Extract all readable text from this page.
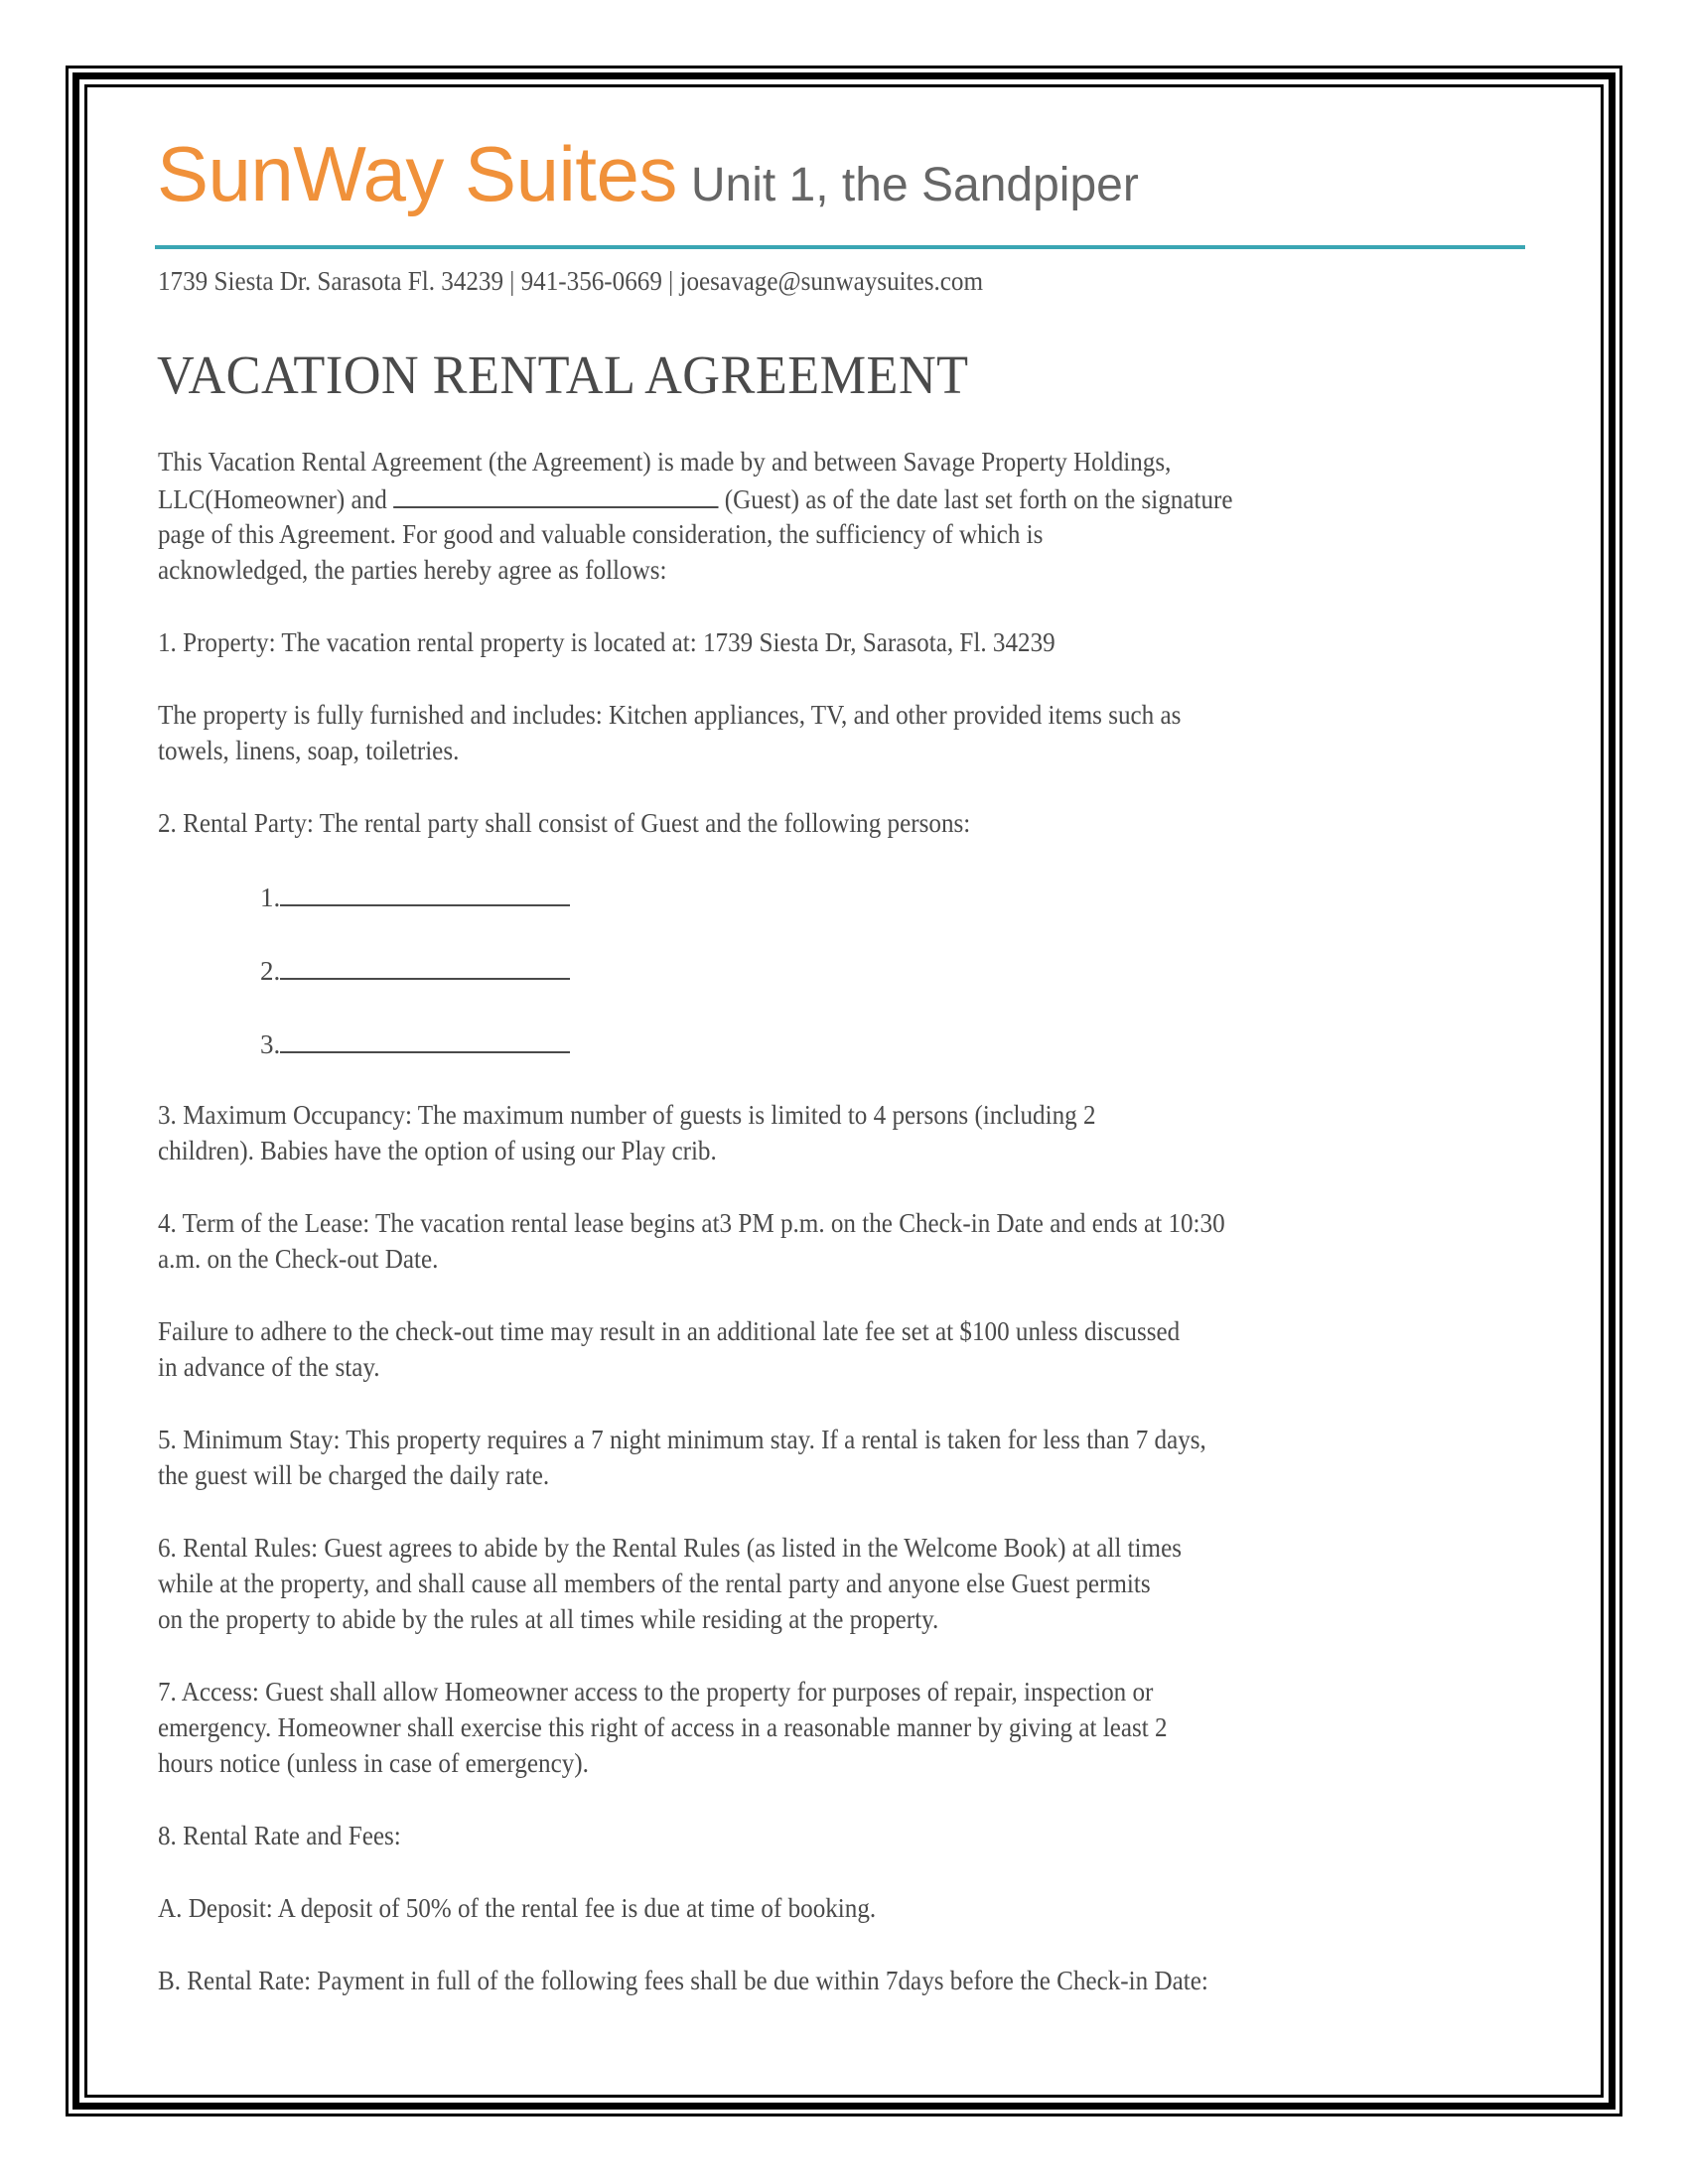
SunWay Suites Unit 1, the Sandpiper
1739 Siesta Dr. Sarasota Fl. 34239 | 941-356-0669 | joesavage@sunwaysuites.com
VACATION RENTAL AGREEMENT
This Vacation Rental Agreement (the Agreement) is made by and between Savage Property Holdings,
LLC(Homeowner) and	(Guest) as of the date last set forth on the signature
page of this Agreement. For good and valuable consideration, the sufficiency of which is
acknowledged, the parties hereby agree as follows:
1. Property: The vacation rental property is located at: 1739 Siesta Dr, Sarasota, Fl. 34239
The property is fully furnished and includes: Kitchen appliances, TV, and other provided items such as
towels, linens, soap, toiletries.
2. Rental Party: The rental party shall consist of Guest and the following persons:
1.
2.
3.
3. Maximum Occupancy: The maximum number of guests is limited to 4 persons (including 2
children). Babies have the option of using our Play crib.
4. Term of the Lease: The vacation rental lease begins at3 PM p.m. on the Check-in Date and ends at 10:30
a.m. on the Check-out Date.
Failure to adhere to the check-out time may result in an additional late fee set at $100 unless discussed
in advance of the stay.
5. Minimum Stay: This property requires a 7 night minimum stay. If a rental is taken for less than 7 days,
the guest will be charged the daily rate.
6. Rental Rules: Guest agrees to abide by the Rental Rules (as listed in the Welcome Book) at all times
while at the property, and shall cause all members of the rental party and anyone else Guest permits
on the property to abide by the rules at all times while residing at the property.
7. Access: Guest shall allow Homeowner access to the property for purposes of repair, inspection or
emergency. Homeowner shall exercise this right of access in a reasonable manner by giving at least 2
hours notice (unless in case of emergency).
8. Rental Rate and Fees:
A. Deposit: A deposit of 50% of the rental fee is due at time of booking.
B. Rental Rate: Payment in full of the following fees shall be due within 7days before the Check-in Date:
